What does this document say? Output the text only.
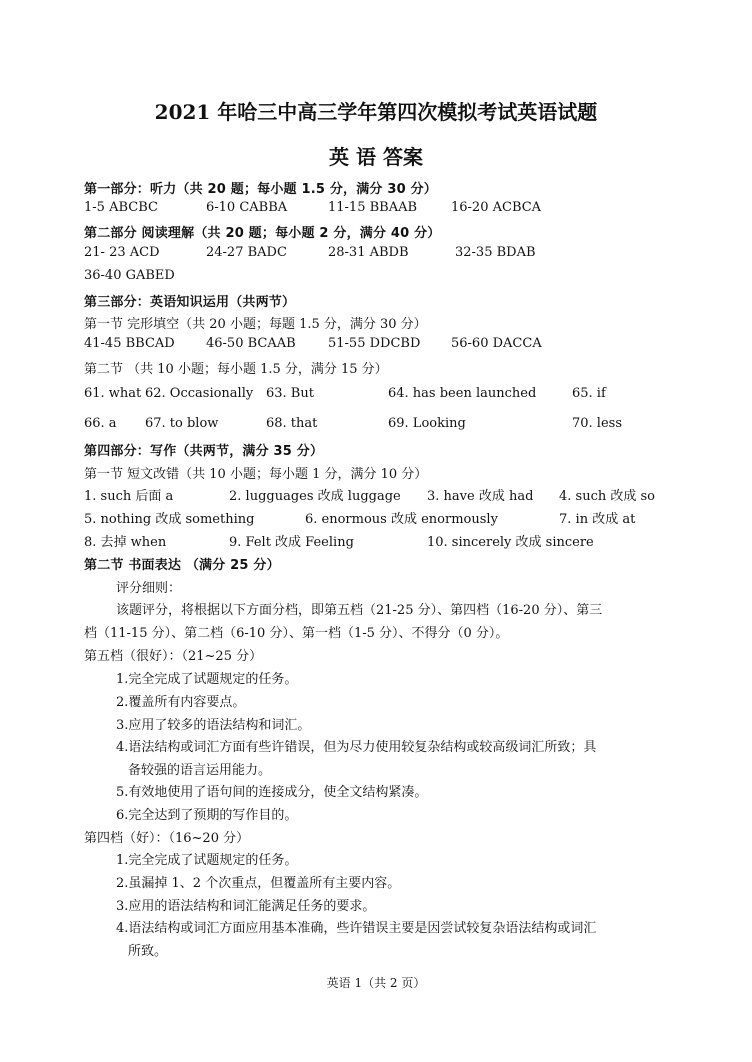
2021 年哈三中高三学年第四次模拟考试英语试题
英 语 答案
第一部分：听力（共 20 题；每小题 1.5 分，满分 30 分）
1-5 ABCBC	6-10 CABBA	11-15 BBAAB	16-20 ACBCA
第二部分 阅读理解（共 20 题；每小题 2 分，满分 40 分）
21- 23 ACD	24-27 BADC	28-31 ABDB	32-35 BDAB
36-40 GABED
第三部分：英语知识运用（共两节）
第一节 完形填空（共 20 小题；每题 1.5 分，满分 30 分）
41-45 BBCAD 46-50 BCAAB 51-55 DDCBD 56-60 DACCA
第二节 （共 10 小题；每小题 1.5 分，满分 15 分）
61. what 62. Occasionally 63. But	64. has been launched	65. if
66. a 67. to blow	68. that	69. Looking	70. less
第四部分：写作（共两节，满分 35 分）
第一节 短文改错（共 10 小题；每小题 1 分，满分 10 分）
1. such 后面 a	2. lugguages 改成 luggage 3. have 改成 had 4. such 改成 so
5. nothing 改成 something	6. enormous 改成 enormously	7. in 改成 at
8. 去掉 when	9. Felt 改成 Feeling	10. sincerely 改成 sincere
第二节 书面表达 （满分 25 分）
评分细则：
该题评分，将根据以下方面分档，即第五档（21-25 分）、第四档（16-20 分）、第三
档（11-15 分）、第二档（6-10 分）、第一档（1-5 分）、不得分（0 分）。
第五档（很好）：（21~25 分）
1.完全完成了试题规定的任务。
2.覆盖所有内容要点。
3.应用了较多的语法结构和词汇。
4.语法结构或词汇方面有些许错误，但为尽力使用较复杂结构或较高级词汇所致；具
备较强的语言运用能力。
5.有效地使用了语句间的连接成分，使全文结构紧凑。
6.完全达到了预期的写作目的。
第四档（好）：（16~20 分）
1.完全完成了试题规定的任务。
2.虽漏掉 1、2 个次重点，但覆盖所有主要内容。
3.应用的语法结构和词汇能满足任务的要求。
4.语法结构或词汇方面应用基本准确，些许错误主要是因尝试较复杂语法结构或词汇
所致。
英语 1（共 2 页）
